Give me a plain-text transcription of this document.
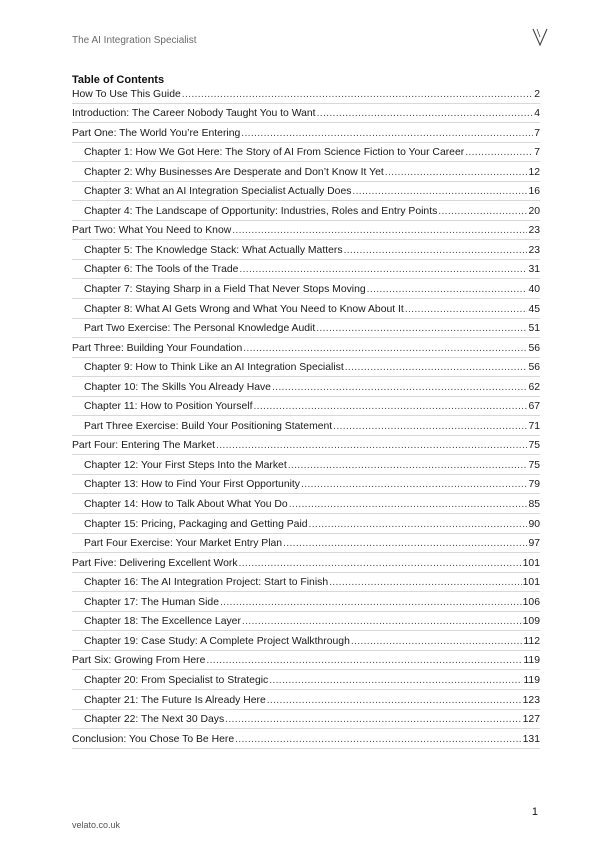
The AI Integration Specialist
Table of Contents
How To Use This Guide .....	2
Introduction: The Career Nobody Taught You to Want .....	4
Part One: The World You’re Entering .....	7
Chapter 1: How We Got Here: The Story of AI From Science Fiction to Your Career .....	7
Chapter 2: Why Businesses Are Desperate and Don’t Know It Yet .....	12
Chapter 3: What an AI Integration Specialist Actually Does .....	16
Chapter 4: The Landscape of Opportunity: Industries, Roles and Entry Points .....	20
Part Two: What You Need to Know .....	23
Chapter 5: The Knowledge Stack: What Actually Matters .....	23
Chapter 6: The Tools of the Trade .....	31
Chapter 7: Staying Sharp in a Field That Never Stops Moving .....	40
Chapter 8: What AI Gets Wrong and What You Need to Know About It .....	45
Part Two Exercise: The Personal Knowledge Audit .....	51
Part Three: Building Your Foundation .....	56
Chapter 9: How to Think Like an AI Integration Specialist .....	56
Chapter 10: The Skills You Already Have .....	62
Chapter 11: How to Position Yourself .....	67
Part Three Exercise: Build Your Positioning Statement .....	71
Part Four: Entering The Market .....	75
Chapter 12: Your First Steps Into the Market .....	75
Chapter 13: How to Find Your First Opportunity .....	79
Chapter 14: How to Talk About What You Do .....	85
Chapter 15: Pricing, Packaging and Getting Paid .....	90
Part Four Exercise: Your Market Entry Plan .....	97
Part Five: Delivering Excellent Work .....	101
Chapter 16: The AI Integration Project: Start to Finish .....	101
Chapter 17: The Human Side .....	106
Chapter 18: The Excellence Layer .....	109
Chapter 19: Case Study: A Complete Project Walkthrough .....	112
Part Six: Growing From Here .....	119
Chapter 20: From Specialist to Strategic .....	119
Chapter 21: The Future Is Already Here .....	123
Chapter 22: The Next 30 Days .....	127
Conclusion: You Chose To Be Here .....	131
1
velato.co.uk
